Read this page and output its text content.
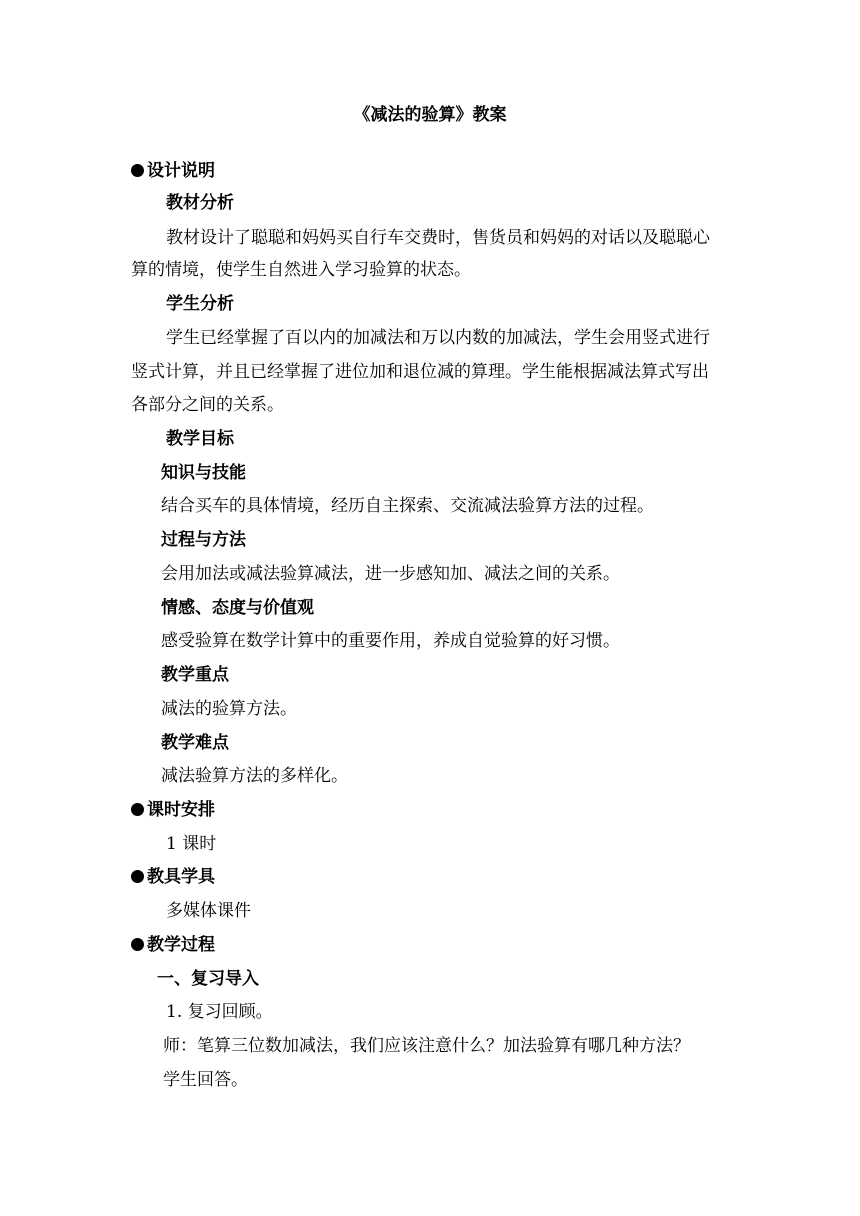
《减法的验算》教案
设计说明
教材分析
教材设计了聪聪和妈妈买自行车交费时，售货员和妈妈的对话以及聪聪心
算的情境，使学生自然进入学习验算的状态。
学生分析
学生已经掌握了百以内的加减法和万以内数的加减法，学生会用竖式进行
竖式计算，并且已经掌握了进位加和退位减的算理。学生能根据减法算式写出
各部分之间的关系。
教学目标
知识与技能
结合买车的具体情境，经历自主探索、交流减法验算方法的过程。
过程与方法
会用加法或减法验算减法，进一步感知加、减法之间的关系。
情感、态度与价值观
感受验算在数学计算中的重要作用，养成自觉验算的好习惯。
教学重点
减法的验算方法。
教学难点
减法验算方法的多样化。
课时安排
1 课时
教具学具
多媒体课件
教学过程
一、复习导入
1. 复习回顾。
师：笔算三位数加减法，我们应该注意什么？加法验算有哪几种方法？
学生回答。
